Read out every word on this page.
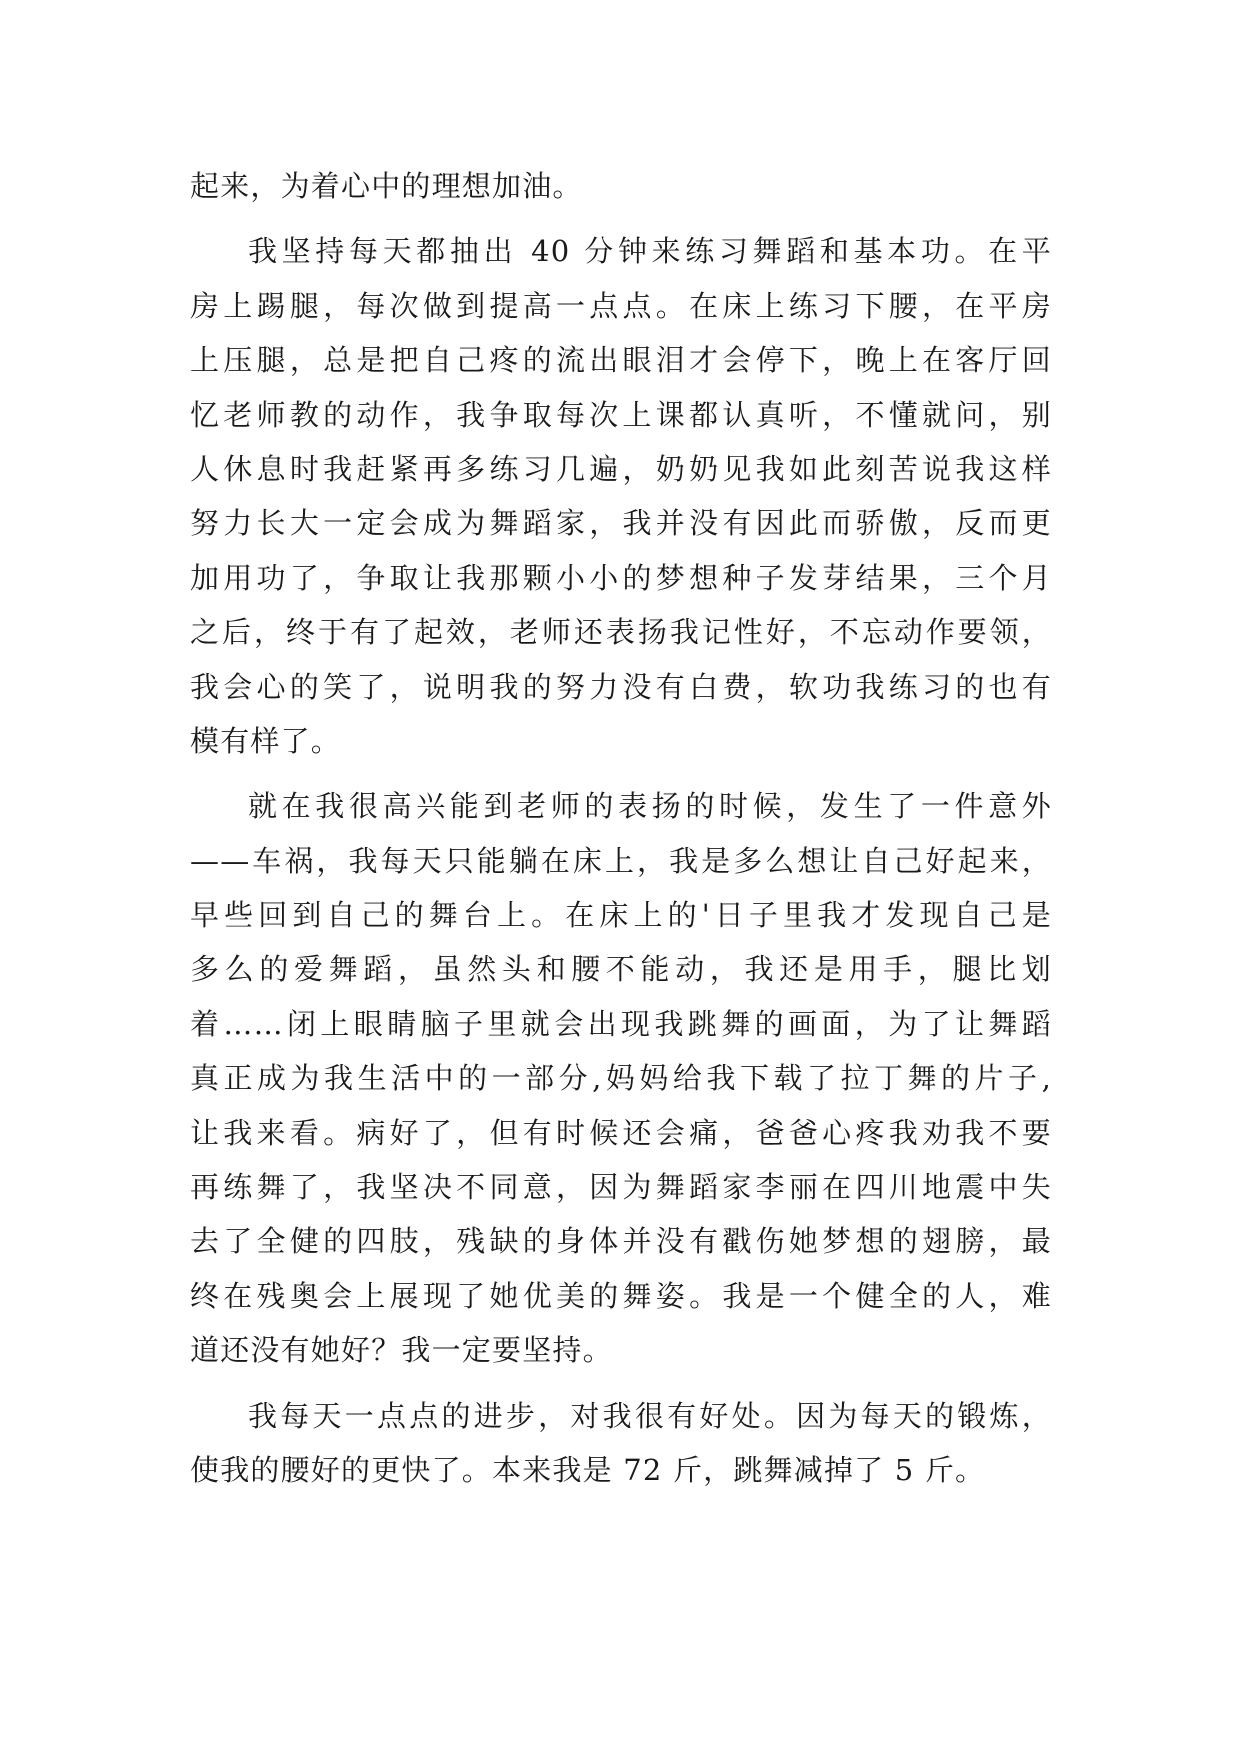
起来，为着心中的理想加油。
我坚持每天都抽出 40 分钟来练习舞蹈和基本功。在平
房上踢腿，每次做到提高一点点。在床上练习下腰，在平房
上压腿，总是把自己疼的流出眼泪才会停下，晚上在客厅回
忆老师教的动作，我争取每次上课都认真听，不懂就问，别
人休息时我赶紧再多练习几遍，奶奶见我如此刻苦说我这样
努力长大一定会成为舞蹈家，我并没有因此而骄傲，反而更
加用功了，争取让我那颗小小的梦想种子发芽结果，三个月
之后，终于有了起效，老师还表扬我记性好，不忘动作要领，
我会心的笑了，说明我的努力没有白费，软功我练习的也有
模有样了。
就在我很高兴能到老师的表扬的时候，发生了一件意外
——车祸，我每天只能躺在床上，我是多么想让自己好起来，
早些回到自己的舞台上。在床上的'日子里我才发现自己是
多么的爱舞蹈，虽然头和腰不能动，我还是用手，腿比划
着……闭上眼睛脑子里就会出现我跳舞的画面，为了让舞蹈
真正成为我生活中的一部分,妈妈给我下载了拉丁舞的片子,
让我来看。病好了，但有时候还会痛，爸爸心疼我劝我不要
再练舞了，我坚决不同意，因为舞蹈家李丽在四川地震中失
去了全健的四肢，残缺的身体并没有戳伤她梦想的翅膀，最
终在残奥会上展现了她优美的舞姿。我是一个健全的人，难
道还没有她好？我一定要坚持。
我每天一点点的进步，对我很有好处。因为每天的锻炼，
使我的腰好的更快了。本来我是 72 斤，跳舞减掉了 5 斤。
